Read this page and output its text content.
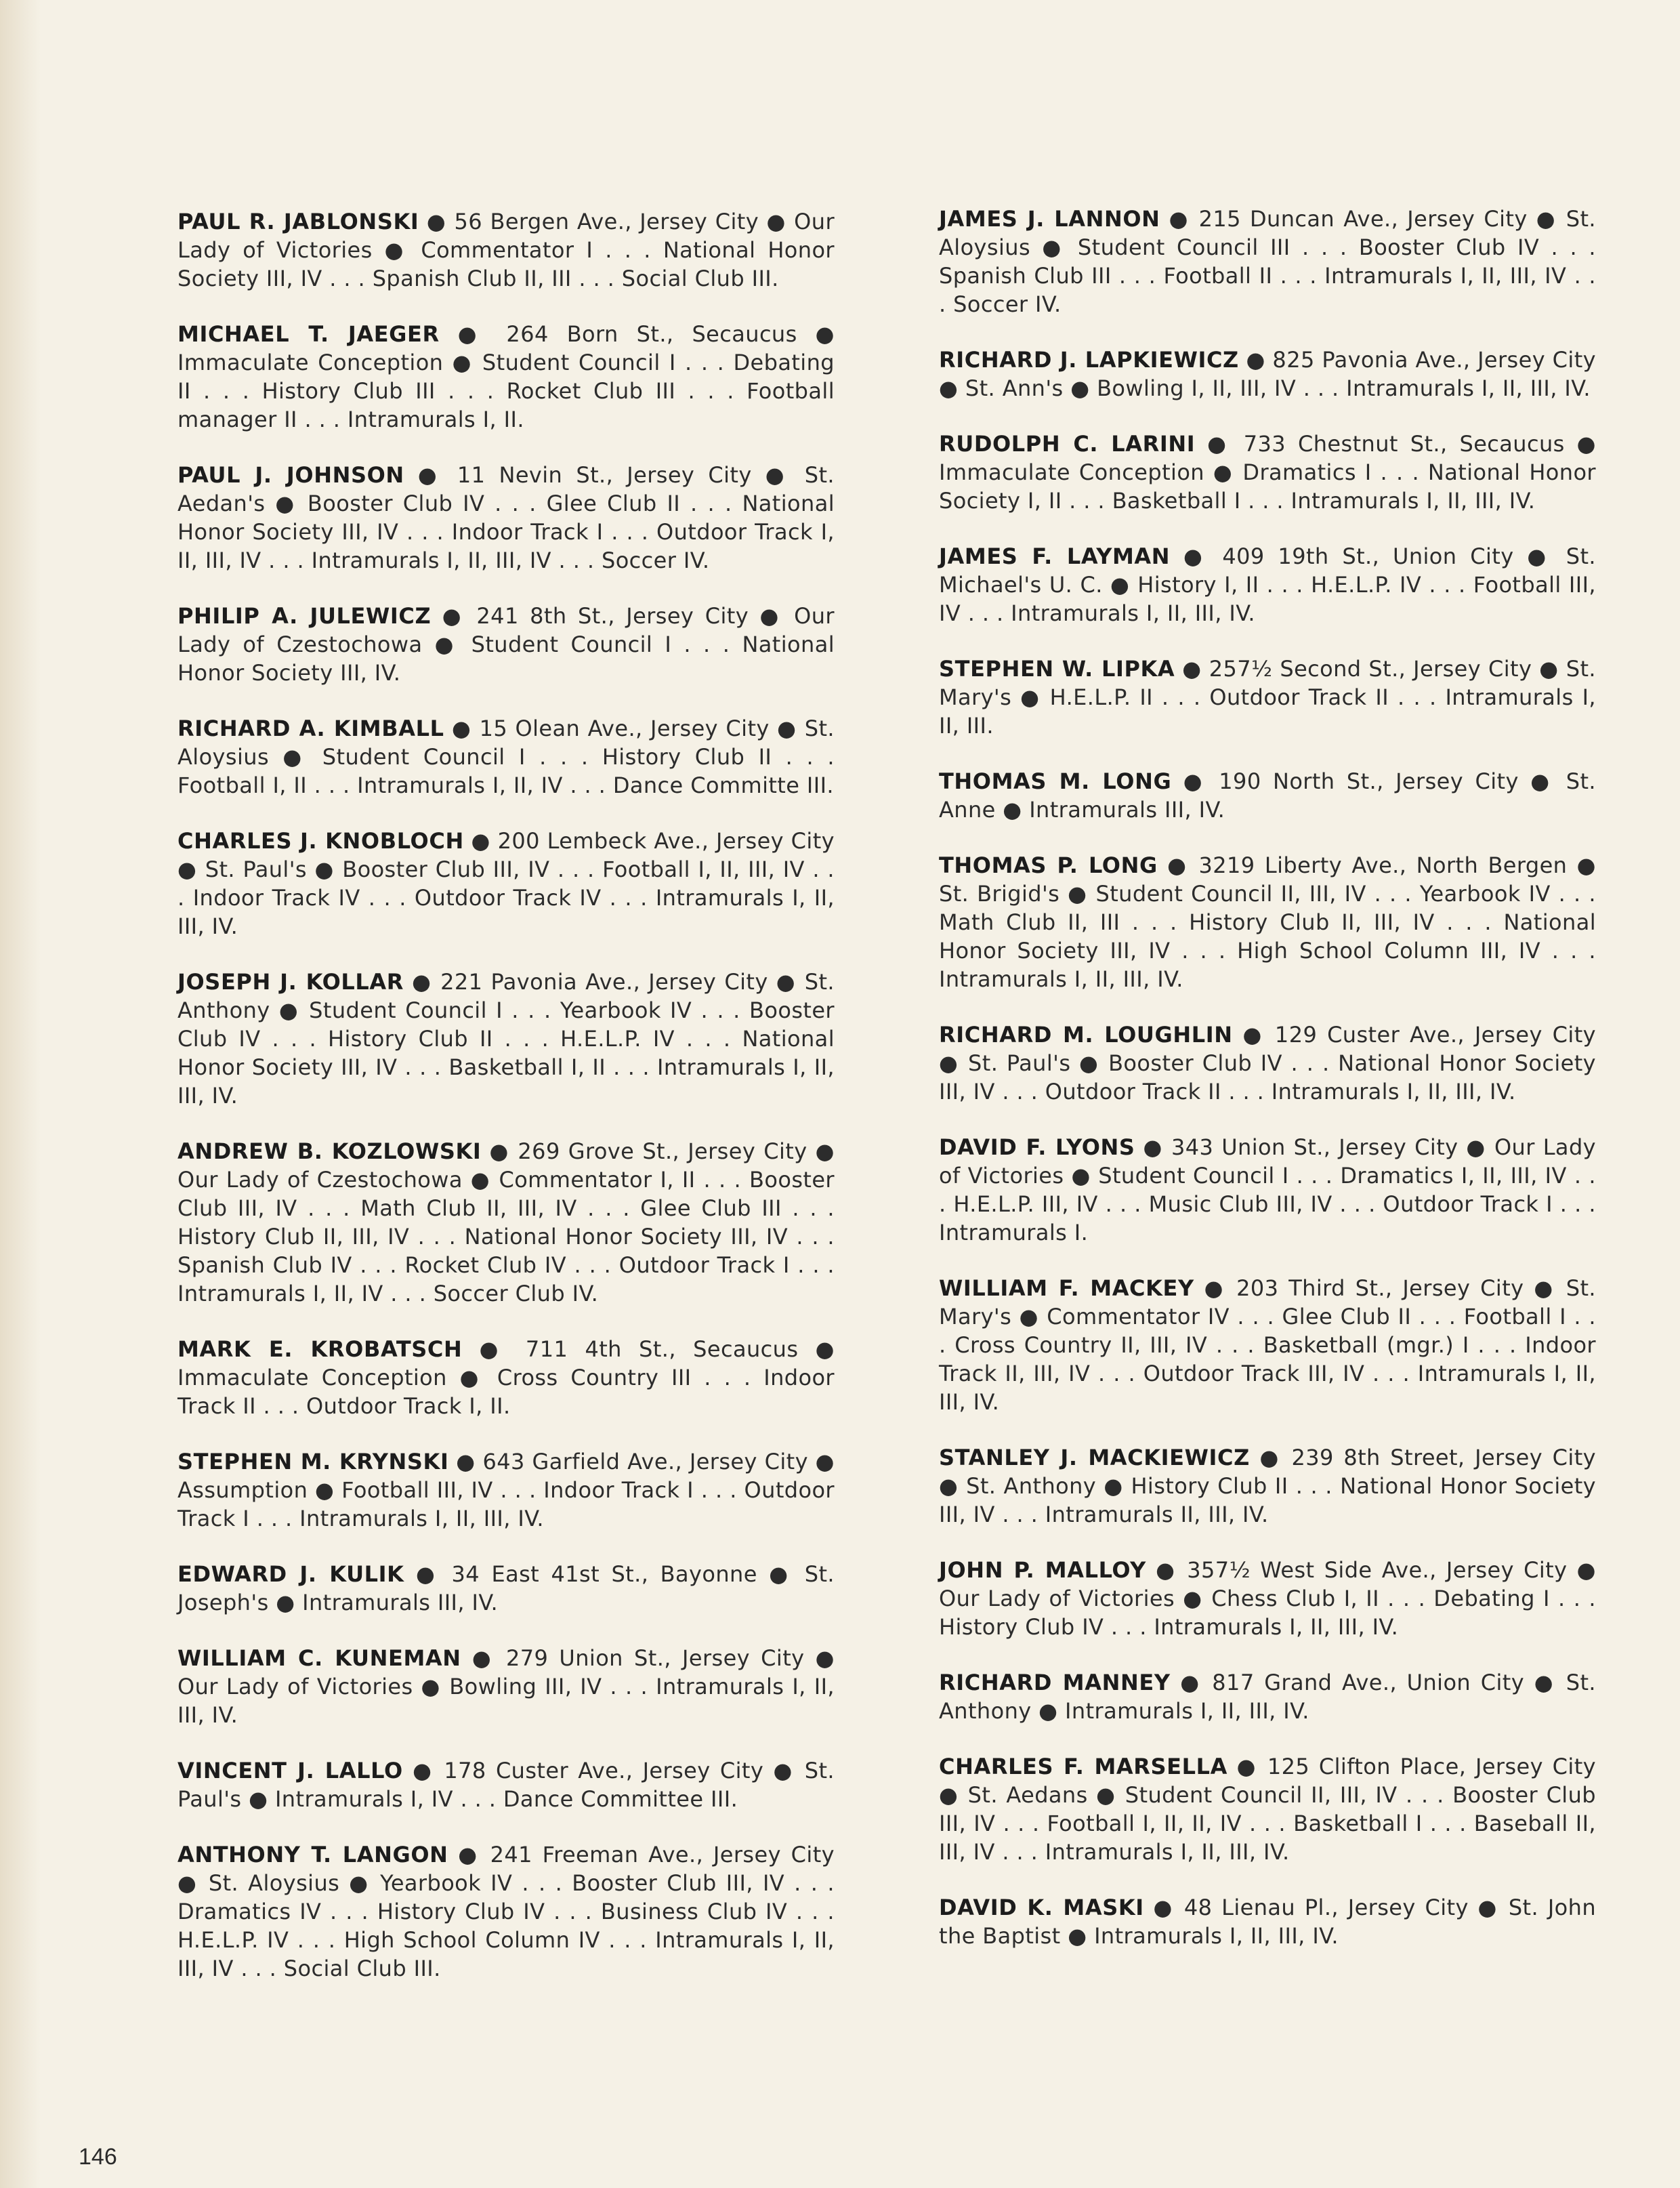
PAUL R. JABLONSKI ● 56 Bergen Ave., Jersey City ● Our Lady of Victories ● Commentator I . . . National Honor Society III, IV . . . Spanish Club II, III . . . Social Club III.

MICHAEL T. JAEGER ● 264 Born St., Secaucus ● Immaculate Conception ● Student Council I . . . Debating II . . . History Club III . . . Rocket Club III . . . Football manager II . . . Intramurals I, II.

PAUL J. JOHNSON ● 11 Nevin St., Jersey City ● St. Aedan's ● Booster Club IV . . . Glee Club II . . . National Honor Society III, IV . . . Indoor Track I . . . Outdoor Track I, II, III, IV . . . Intramurals I, II, III, IV . . . Soccer IV.

PHILIP A. JULEWICZ ● 241 8th St., Jersey City ● Our Lady of Czestochowa ● Student Council I . . . National Honor Society III, IV.

RICHARD A. KIMBALL ● 15 Olean Ave., Jersey City ● St. Aloysius ● Student Council I . . . History Club II . . . Football I, II . . . Intramurals I, II, IV . . . Dance Committe III.

CHARLES J. KNOBLOCH ● 200 Lembeck Ave., Jersey City ● St. Paul's ● Booster Club III, IV . . . Football I, II, III, IV . . . Indoor Track IV . . . Outdoor Track IV . . . Intramurals I, II, III, IV.

JOSEPH J. KOLLAR ● 221 Pavonia Ave., Jersey City ● St. Anthony ● Student Council I . . . Yearbook IV . . . Booster Club IV . . . History Club II . . . H.E.L.P. IV . . . National Honor Society III, IV . . . Basketball I, II . . . Intramurals I, II, III, IV.

ANDREW B. KOZLOWSKI ● 269 Grove St., Jersey City ● Our Lady of Czestochowa ● Commentator I, II . . . Booster Club III, IV . . . Math Club II, III, IV . . . Glee Club III . . . History Club II, III, IV . . . National Honor Society III, IV . . . Spanish Club IV . . . Rocket Club IV . . . Outdoor Track I . . . Intramurals I, II, IV . . . Soccer Club IV.

MARK E. KROBATSCH ● 711 4th St., Secaucus ● Immaculate Conception ● Cross Country III . . . Indoor Track II . . . Outdoor Track I, II.

STEPHEN M. KRYNSKI ● 643 Garfield Ave., Jersey City ● Assumption ● Football III, IV . . . Indoor Track I . . . Outdoor Track I . . . Intramurals I, II, III, IV.

EDWARD J. KULIK ● 34 East 41st St., Bayonne ● St. Joseph's ● Intramurals III, IV.

WILLIAM C. KUNEMAN ● 279 Union St., Jersey City ● Our Lady of Victories ● Bowling III, IV . . . Intramurals I, II, III, IV.

VINCENT J. LALLO ● 178 Custer Ave., Jersey City ● St. Paul's ● Intramurals I, IV . . . Dance Committee III.

ANTHONY T. LANGON ● 241 Freeman Ave., Jersey City ● St. Aloysius ● Yearbook IV . . . Booster Club III, IV . . . Dramatics IV . . . History Club IV . . . Business Club IV . . . H.E.L.P. IV . . . High School Column IV . . . Intramurals I, II, III, IV . . . Social Club III.

JAMES J. LANNON ● 215 Duncan Ave., Jersey City ● St. Aloysius ● Student Council III . . . Booster Club IV . . . Spanish Club III . . . Football II . . . Intramurals I, II, III, IV . . . Soccer IV.

RICHARD J. LAPKIEWICZ ● 825 Pavonia Ave., Jersey City ● St. Ann's ● Bowling I, II, III, IV . . . Intramurals I, II, III, IV.

RUDOLPH C. LARINI ● 733 Chestnut St., Secaucus ● Immaculate Conception ● Dramatics I . . . National Honor Society I, II . . . Basketball I . . . Intramurals I, II, III, IV.

JAMES F. LAYMAN ● 409 19th St., Union City ● St. Michael's U. C. ● History I, II . . . H.E.L.P. IV . . . Football III, IV . . . Intramurals I, II, III, IV.

STEPHEN W. LIPKA ● 257½ Second St., Jersey City ● St. Mary's ● H.E.L.P. II . . . Outdoor Track II . . . Intramurals I, II, III.

THOMAS M. LONG ● 190 North St., Jersey City ● St. Anne ● Intramurals III, IV.

THOMAS P. LONG ● 3219 Liberty Ave., North Bergen ● St. Brigid's ● Student Council II, III, IV . . . Yearbook IV . . . Math Club II, III . . . History Club II, III, IV . . . National Honor Society III, IV . . . High School Column III, IV . . . Intramurals I, II, III, IV.

RICHARD M. LOUGHLIN ● 129 Custer Ave., Jersey City ● St. Paul's ● Booster Club IV . . . National Honor Society III, IV . . . Outdoor Track II . . . Intramurals I, II, III, IV.

DAVID F. LYONS ● 343 Union St., Jersey City ● Our Lady of Victories ● Student Council I . . . Dramatics I, II, III, IV . . . H.E.L.P. III, IV . . . Music Club III, IV . . . Outdoor Track I . . . Intramurals I.

WILLIAM F. MACKEY ● 203 Third St., Jersey City ● St. Mary's ● Commentator IV . . . Glee Club II . . . Football I . . . Cross Country II, III, IV . . . Basketball (mgr.) I . . . Indoor Track II, III, IV . . . Outdoor Track III, IV . . . Intramurals I, II, III, IV.

STANLEY J. MACKIEWICZ ● 239 8th Street, Jersey City ● St. Anthony ● History Club II . . . National Honor Society III, IV . . . Intramurals II, III, IV.

JOHN P. MALLOY ● 357½ West Side Ave., Jersey City ● Our Lady of Victories ● Chess Club I, II . . . Debating I . . . History Club IV . . . Intramurals I, II, III, IV.

RICHARD MANNEY ● 817 Grand Ave., Union City ● St. Anthony ● Intramurals I, II, III, IV.

CHARLES F. MARSELLA ● 125 Clifton Place, Jersey City ● St. Aedans ● Student Council II, III, IV . . . Booster Club III, IV . . . Football I, II, II, IV . . . Basketball I . . . Baseball II, III, IV . . . Intramurals I, II, III, IV.

DAVID K. MASKI ● 48 Lienau Pl., Jersey City ● St. John the Baptist ● Intramurals I, II, III, IV.

146
